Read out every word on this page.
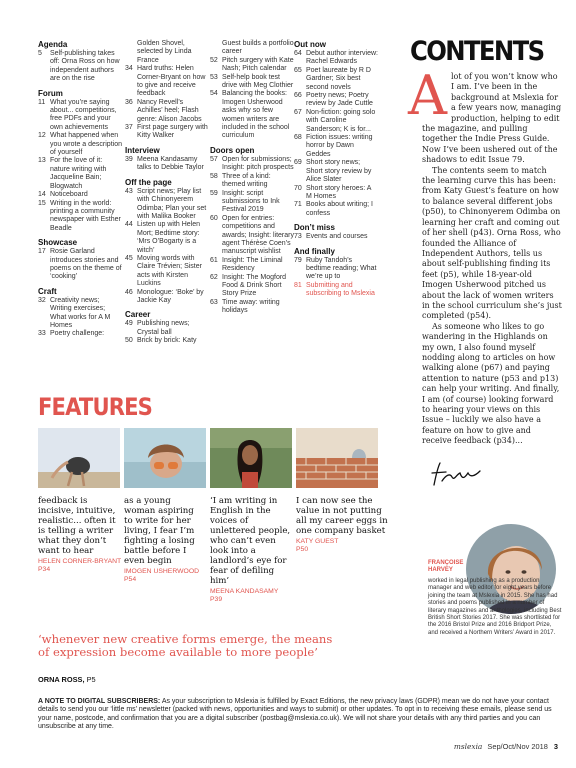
Agenda
5	Self-publishing takes off: Orna Ross on how independent authors are on the rise
Forum
11 What you’re saying about... competitions, free PDFs and your own achievements
12 What happened when you wrote a description of yourself
13 For the love of it: nature writing with Jacqueline Bain; Blogwatch
14 Noticeboard
15 Writing in the world: printing a community newspaper with Esther Beadle
Showcase
17 Rosie Garland introduces stories and poems on the theme of ‘cooking’
Craft
32 Creativity news; Writing exercises; What works for A M Homes
33 Poetry challenge:
Golden Shovel, selected by Linda France
34 Hard truths: Helen Corner-Bryant on how to give and receive feedback
36 Nancy Revell’s Achilles’ heel; Flash genre: Alison Jacobs
37 First page surgery with Kitty Walker
Interview
39 Meena Kandasamy talks to Debbie Taylor
Off the page
43 Script news; Play list with Chinonyerem Odimba; Plan your set with Malika Booker
44 Listen up with Helen Mort; Bedtime story: ‘Mrs O’Bogarty is a witch’
45 Moving words with Claire Trévien; Sister acts with Kirsten Luckins
46 Monologue: ‘Boke’ by Jackie Kay
Career
49 Publishing news; Crystal ball
50 Brick by brick: Katy
Guest builds a portfolio career
52 Pitch surgery with Kate Nash; Pitch calendar
53 Self-help book test drive with Meg Clothier
54 Balancing the books: Imogen Usherwood asks why so few women writers are included in the school curriculum
Doors open
57 Open for submissions; Insight: pitch prospects
58 Three of a kind: themed writing
59 Insight: script submissions to Ink Festival 2019
60 Open for entries: competitions and awards; Insight: literary agent Thérèse Coen’s manuscript wishlist
61 Insight: The Liminal Residency
62 Insight: The Mogford Food & Drink Short Story Prize
63 Time away: writing holidays
Out now
64 Debut author interview: Rachel Edwards
65 Poet laureate by R D Gardner; Six best second novels
66 Poetry news; Poetry review by Jade Cuttle
67 Non-fiction: going solo with Caroline Sanderson; K is for...
68 Fiction issues: writing horror by Dawn Geddes
69 Short story news; Short story review by Alice Slater
70 Short story heroes: A M Homes
71 Books about writing; I confess
Don’t miss
73 Events and courses
And finally
79 Ruby Tandoh’s bedtime reading; What we’re up to
81 Submitting and subscribing to Mslexia
CONTENTS

Alot of you won’t know who I am. I’ve been in the background at Mslexia for a few years now, managing production, helping to edit the magazine, and pulling together the Indie Press Guide. Now I’ve been ushered out of the shadows to edit Issue 79.

The contents seem to match the learning curve this has been: from Katy Guest’s feature on how to balance several different jobs (p50), to Chinonyerem Odimba on learning her craft and coming out of her shell (p43). Orna Ross, who founded the Alliance of Independent Authors, tells us about self-publishing finding its feet (p5), while 18-year-old Imogen Usherwood pitched us about the lack of women writers in the school curriculum she’s just completed (p54).

As someone who likes to go wandering in the Highlands on my own, I also found myself nodding along to articles on how walking alone (p67) and paying attention to nature (p53 and p13) can help your writing. And finally, I am (of course) looking forward to hearing your views on this Issue – luckily we also have a feature on how to give and receive feedback (p34)...

FEATURES
feedback is incisive, intuitive, realistic... often it is telling a writer what they don’t want to hear
HELEN CORNER-BRYANT
P34
as a young woman aspiring to write for her living, I fear I’m fighting a losing battle before I even begin
IMOGEN USHERWOOD
P54
‘I am writing in English in the voices of unlettered people, who can’t even look into a landlord’s eye for fear of defiling him’
MEENA KANDASAMY
P39
I can now see the value in not putting all my career eggs in one company basket
KATY GUEST
P50
‘whenever new creative forms emerge, the means of expression become available to more people’
ORNA ROSS, P5
FRANÇOISE HARVEY
worked in legal publishing as a production manager and web editor for eight years before joining the team at Mslexia in 2015. She has had stories and poems published in a number of literary magazines and anthologies, including Best British Short Stories 2017. She was shortlisted for the 2016 Bristol Prize and 2016 Bridport Prize, and received a Northern Writers’ Award in 2017.
A NOTE TO DIGITAL SUBSCRIBERS: As your subscription to Mslexia is fulfilled by Exact Editions, the new privacy laws (GDPR) mean we do not have your contact details to send you our ‘little ms’ newsletter (packed with news, opportunities and ways to submit) or other updates. To opt in to receiving these emails, please send us your name, postcode, and confirmation that you are a digital subscriber (postbag@mslexia.co.uk). We will not share your details with any third parties and you can unsubscribe at any time.
mslexia Sep/Oct/Nov 2018 3
